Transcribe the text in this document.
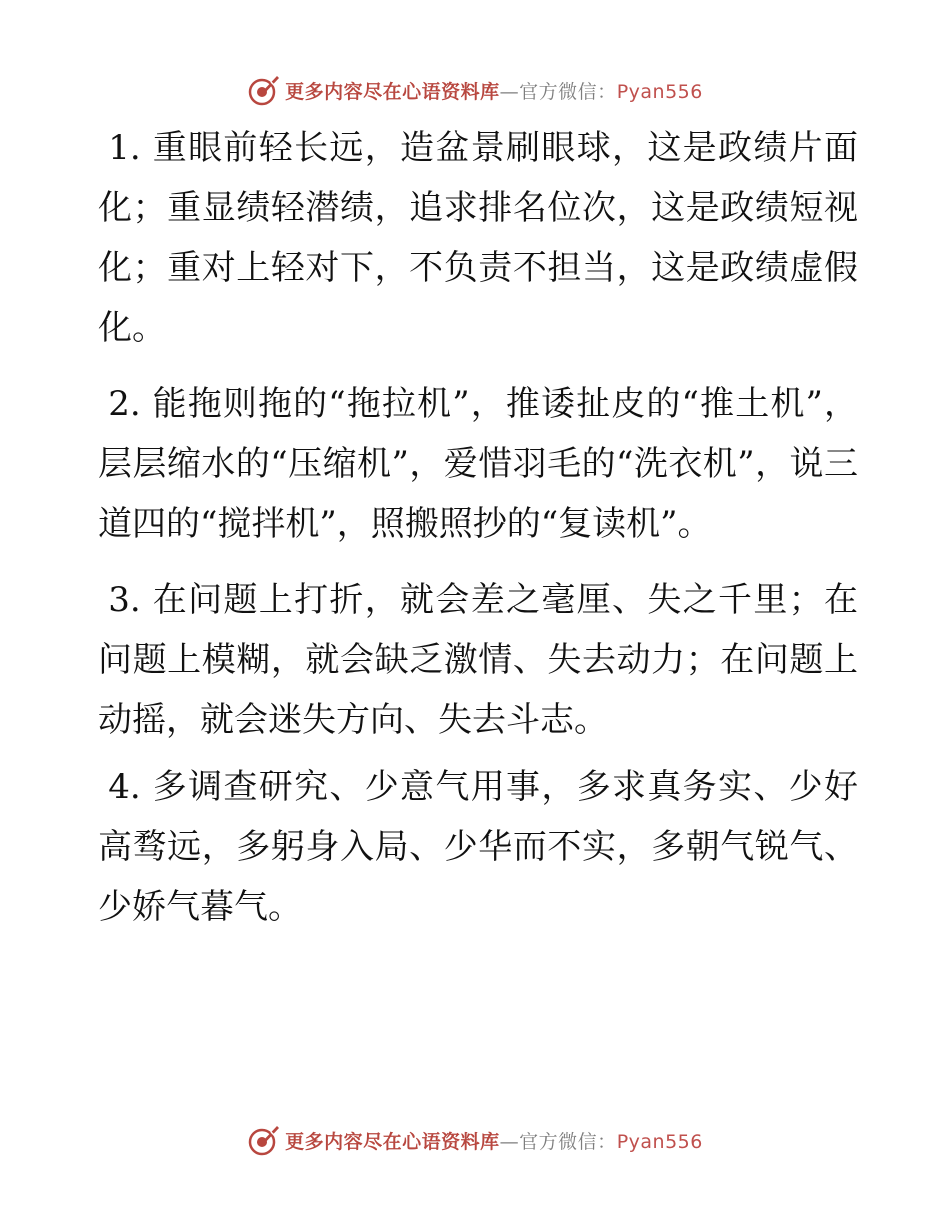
更多内容尽在心语资料库—官方微信：Pyan556

1. 重眼前轻长远，造盆景刷眼球，这是政绩片面化；重显绩轻潜绩，追求排名位次，这是政绩短视化；重对上轻对下，不负责不担当，这是政绩虚假化。

2. 能拖则拖的“拖拉机”，推诿扯皮的“推土机”，层层缩水的“压缩机”，爱惜羽毛的“洗衣机”，说三道四的“搅拌机”，照搬照抄的“复读机”。

3. 在问题上打折，就会差之毫厘、失之千里；在问题上模糊，就会缺乏激情、失去动力；在问题上动摇，就会迷失方向、失去斗志。

4. 多调查研究、少意气用事，多求真务实、少好高骛远，多躬身入局、少华而不实，多朝气锐气、少娇气暮气。

更多内容尽在心语资料库—官方微信：Pyan556
